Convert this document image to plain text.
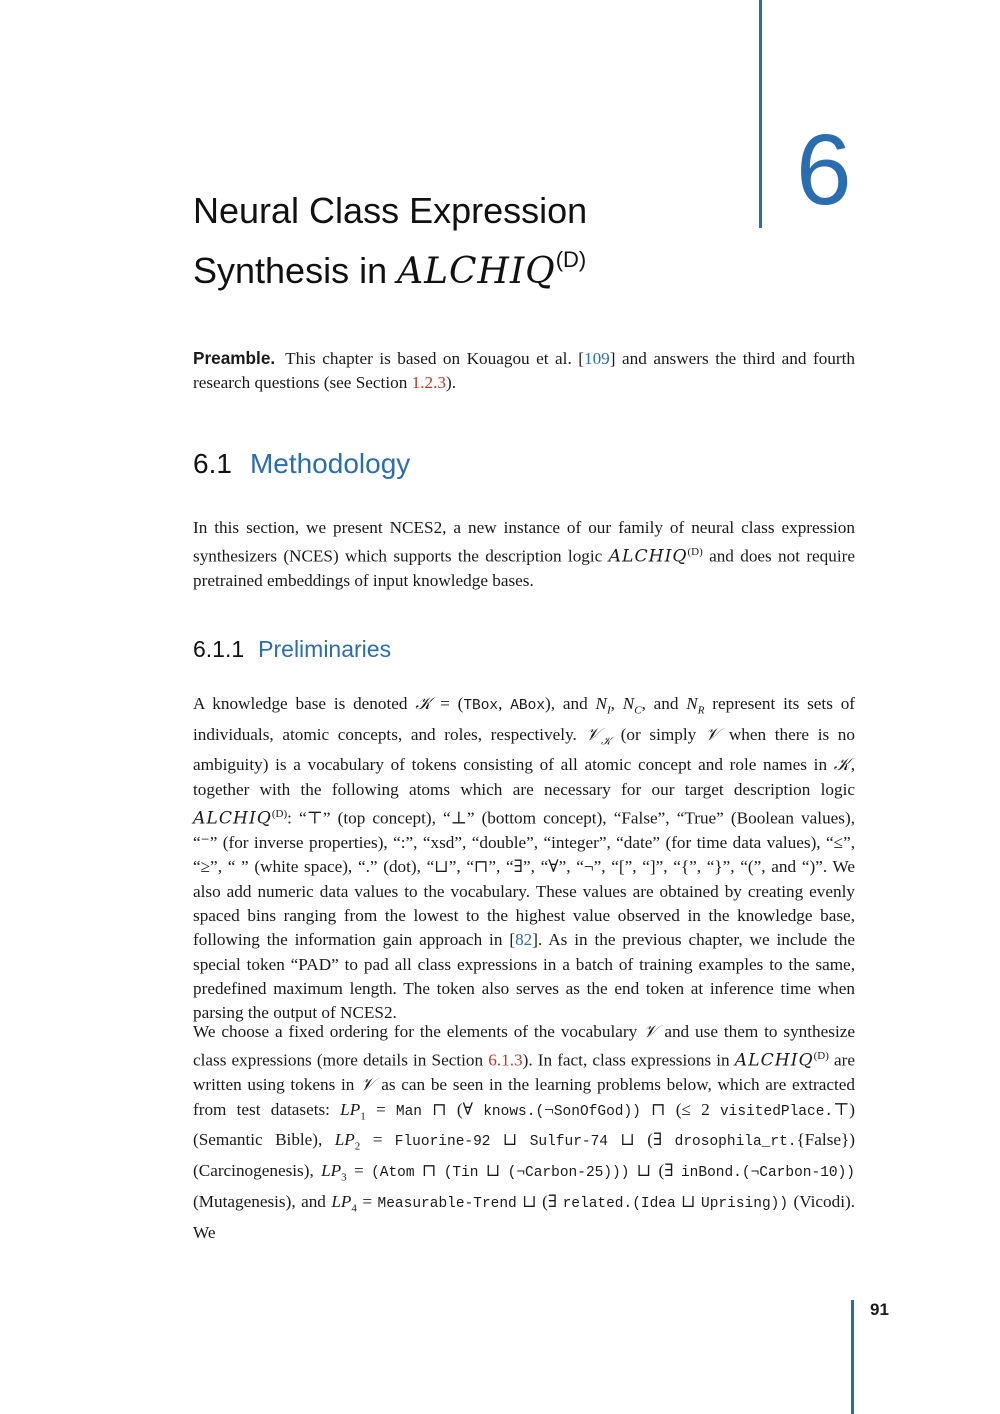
6
Neural Class Expression
Synthesis in $ALCHIQ^{(D)}$

Preamble. This chapter is based on Kouagou et al. [109] and answers the third and fourth research questions (see Section 1.2.3).

6.1 Methodology

In this section, we present NCES2, a new instance of our family of neural class expression synthesizers (NCES) which supports the description logic $ALCHIQ^{(D)}$ and does not require pretrained embeddings of input knowledge bases.

6.1.1 Preliminaries

A knowledge base is denoted 𝒦 = (TBox, ABox), and $N_I$, $N_C$, and $N_R$ represent its sets of individuals, atomic concepts, and roles, respectively. 𝒱$_𝒦$ (or simply 𝒱 when there is no ambiguity) is a vocabulary of tokens consisting of all atomic concept and role names in 𝒦, together with the following atoms which are necessary for our target description logic $ALCHIQ^{(D)}$: “⊤” (top concept), “⊥” (bottom concept), “False”, “True” (Boolean values), “⁻” (for inverse properties), “:”, “xsd”, “double”, “integer”, “date” (for time data values), “≤”, “≥”, “ ” (white space), “.” (dot), “⊔”, “⊓”, “∃”, “∀”, “¬”, “[”, “]”, “{”, “}”, “(”, and “)”. We also add numeric data values to the vocabulary. These values are obtained by creating evenly spaced bins ranging from the lowest to the highest value observed in the knowledge base, following the information gain approach in [82]. As in the previous chapter, we include the special token “PAD” to pad all class expressions in a batch of training examples to the same, predefined maximum length. The token also serves as the end token at inference time when parsing the output of NCES2.

We choose a fixed ordering for the elements of the vocabulary 𝒱 and use them to synthesize class expressions (more details in Section 6.1.3). In fact, class expressions in $ALCHIQ^{(D)}$ are written using tokens in 𝒱 as can be seen in the learning problems below, which are extracted from test datasets: $LP_1$ = Man ⊓ (∀ knows.(¬SonOfGod)) ⊓ (≤ 2 visitedPlace.⊤) (Semantic Bible), $LP_2$ = Fluorine-92 ⊔ Sulfur-74 ⊔ (∃ drosophila_rt.{False}) (Carcinogenesis), $LP_3$ = (Atom ⊓ (Tin ⊔ (¬Carbon-25))) ⊔ (∃ inBond.(¬Carbon-10)) (Mutagenesis), and $LP_4$ = Measurable-Trend ⊔ (∃ related.(Idea ⊔ Uprising)) (Vicodi). We

91
